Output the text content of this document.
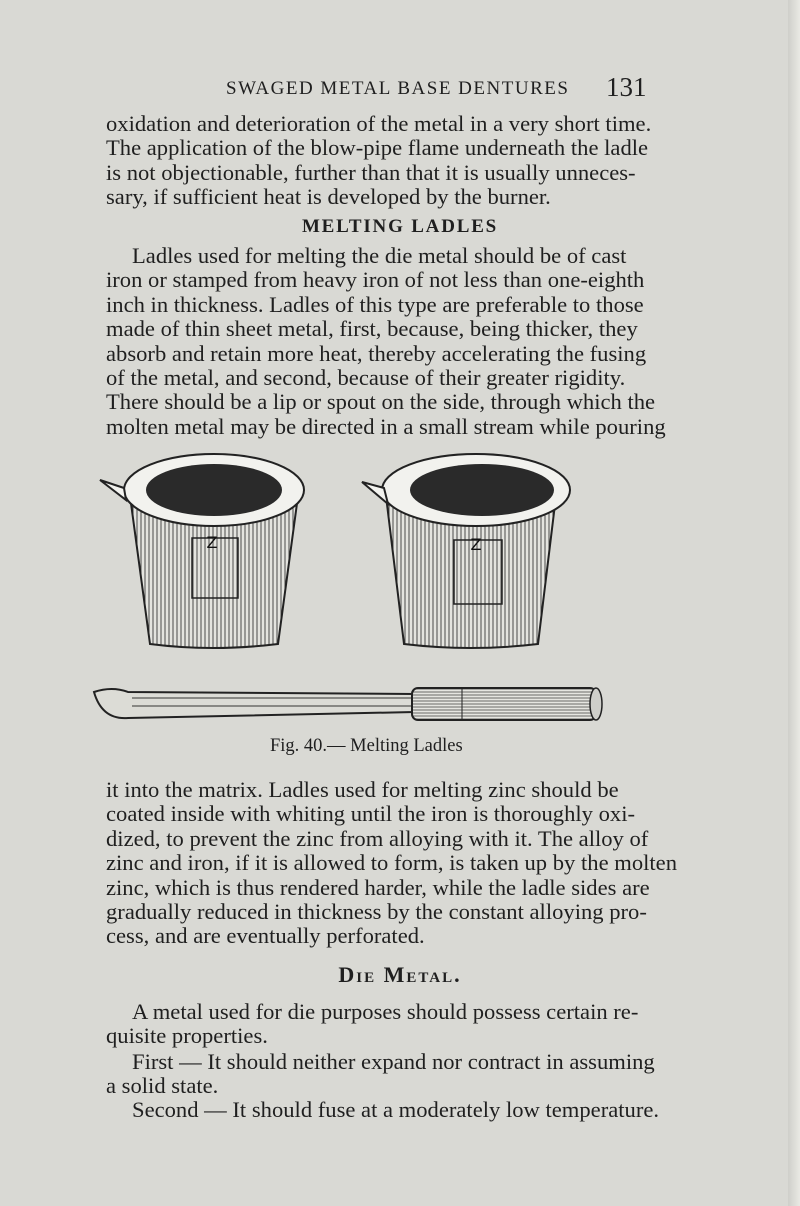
SWAGED METAL BASE DENTURES 131

oxidation and deterioration of the metal in a very short time.
The application of the blow-pipe flame underneath the ladle
is not objectionable, further than that it is usually unneces-
sary, if sufficient heat is developed by the burner.

MELTING LADLES

Ladles used for melting the die metal should be of cast
iron or stamped from heavy iron of not less than one-eighth
inch in thickness. Ladles of this type are preferable to those
made of thin sheet metal, first, because, being thicker, they
absorb and retain more heat, thereby accelerating the fusing
of the metal, and second, because of their greater rigidity.
There should be a lip or spout on the side, through which the
molten metal may be directed in a small stream while pouring

Z	Z
Fig. 40.— Melting Ladles

it into the matrix. Ladles used for melting zinc should be
coated inside with whiting until the iron is thoroughly oxi-
dized, to prevent the zinc from alloying with it. The alloy of
zinc and iron, if it is allowed to form, is taken up by the molten
zinc, which is thus rendered harder, while the ladle sides are
gradually reduced in thickness by the constant alloying pro-
cess, and are eventually perforated.

Die Metal.

A metal used for die purposes should possess certain re-
quisite properties.

First — It should neither expand nor contract in assuming
a solid state.

Second — It should fuse at a moderately low temperature.
